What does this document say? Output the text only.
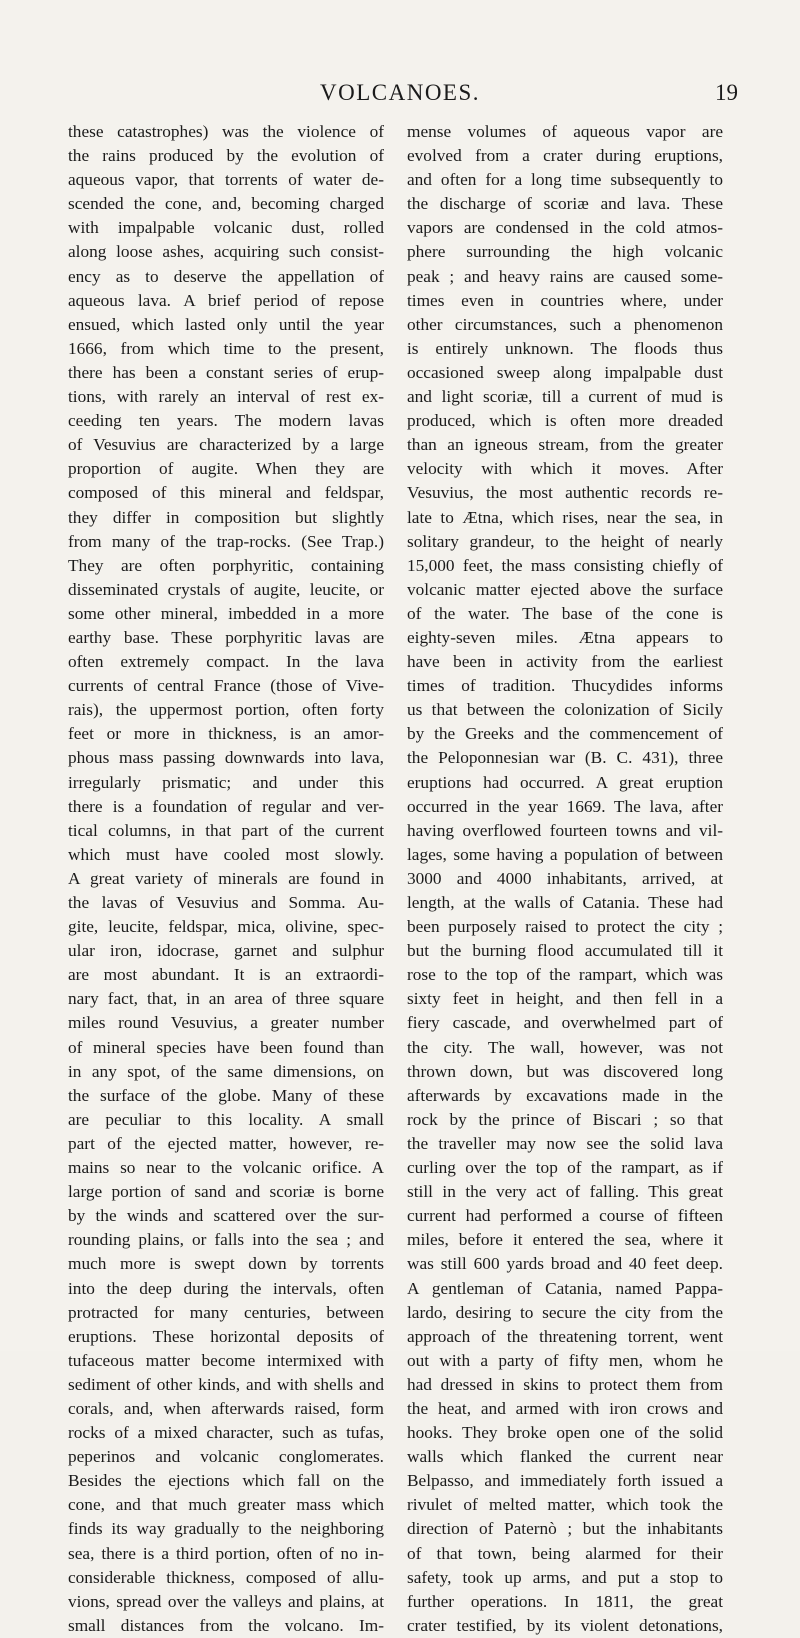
VOLCANOES.	19
these catastrophes) was the violence of
the rains produced by the evolution of
aqueous vapor, that torrents of water de-
scended the cone, and, becoming charged
with impalpable volcanic dust, rolled
along loose ashes, acquiring such consist-
ency as to deserve the appellation of
aqueous lava. A brief period of repose
ensued, which lasted only until the year
1666, from which time to the present,
there has been a constant series of erup-
tions, with rarely an interval of rest ex-
ceeding ten years. The modern lavas
of Vesuvius are characterized by a large
proportion of augite. When they are
composed of this mineral and feldspar,
they differ in composition but slightly
from many of the trap-rocks. (See Trap.)
They are often porphyritic, containing
disseminated crystals of augite, leucite, or
some other mineral, imbedded in a more
earthy base. These porphyritic lavas are
often extremely compact. In the lava
currents of central France (those of Vive-
rais), the uppermost portion, often forty
feet or more in thickness, is an amor-
phous mass passing downwards into lava,
irregularly prismatic; and under this
there is a foundation of regular and ver-
tical columns, in that part of the current
which must have cooled most slowly.
A great variety of minerals are found in
the lavas of Vesuvius and Somma. Au-
gite, leucite, feldspar, mica, olivine, spec-
ular iron, idocrase, garnet and sulphur
are most abundant. It is an extraordi-
nary fact, that, in an area of three square
miles round Vesuvius, a greater number
of mineral species have been found than
in any spot, of the same dimensions, on
the surface of the globe. Many of these
are peculiar to this locality. A small
part of the ejected matter, however, re-
mains so near to the volcanic orifice. A
large portion of sand and scoriæ is borne
by the winds and scattered over the sur-
rounding plains, or falls into the sea ; and
much more is swept down by torrents
into the deep during the intervals, often
protracted for many centuries, between
eruptions. These horizontal deposits of
tufaceous matter become intermixed with
sediment of other kinds, and with shells and
corals, and, when afterwards raised, form
rocks of a mixed character, such as tufas,
peperinos and volcanic conglomerates.
Besides the ejections which fall on the
cone, and that much greater mass which
finds its way gradually to the neighboring
sea, there is a third portion, often of no in-
considerable thickness, composed of allu-
vions, spread over the valleys and plains, at
small distances from the volcano. Im-
mense volumes of aqueous vapor are
evolved from a crater during eruptions,
and often for a long time subsequently to
the discharge of scoriæ and lava. These
vapors are condensed in the cold atmos-
phere surrounding the high volcanic
peak ; and heavy rains are caused some-
times even in countries where, under
other circumstances, such a phenomenon
is entirely unknown. The floods thus
occasioned sweep along impalpable dust
and light scoriæ, till a current of mud is
produced, which is often more dreaded
than an igneous stream, from the greater
velocity with which it moves. After
Vesuvius, the most authentic records re-
late to Ætna, which rises, near the sea, in
solitary grandeur, to the height of nearly
15,000 feet, the mass consisting chiefly of
volcanic matter ejected above the surface
of the water. The base of the cone is
eighty-seven miles. Ætna appears to
have been in activity from the earliest
times of tradition. Thucydides informs
us that between the colonization of Sicily
by the Greeks and the commencement of
the Peloponnesian war (B. C. 431), three
eruptions had occurred. A great eruption
occurred in the year 1669. The lava, after
having overflowed fourteen towns and vil-
lages, some having a population of between
3000 and 4000 inhabitants, arrived, at
length, at the walls of Catania. These had
been purposely raised to protect the city ;
but the burning flood accumulated till it
rose to the top of the rampart, which was
sixty feet in height, and then fell in a
fiery cascade, and overwhelmed part of
the city. The wall, however, was not
thrown down, but was discovered long
afterwards by excavations made in the
rock by the prince of Biscari ; so that
the traveller may now see the solid lava
curling over the top of the rampart, as if
still in the very act of falling. This great
current had performed a course of fifteen
miles, before it entered the sea, where it
was still 600 yards broad and 40 feet deep.
A gentleman of Catania, named Pappa-
lardo, desiring to secure the city from the
approach of the threatening torrent, went
out with a party of fifty men, whom he
had dressed in skins to protect them from
the heat, and armed with iron crows and
hooks. They broke open one of the solid
walls which flanked the current near
Belpasso, and immediately forth issued a
rivulet of melted matter, which took the
direction of Paternò ; but the inhabitants
of that town, being alarmed for their
safety, took up arms, and put a stop to
further operations. In 1811, the great
crater testified, by its violent detonations,
